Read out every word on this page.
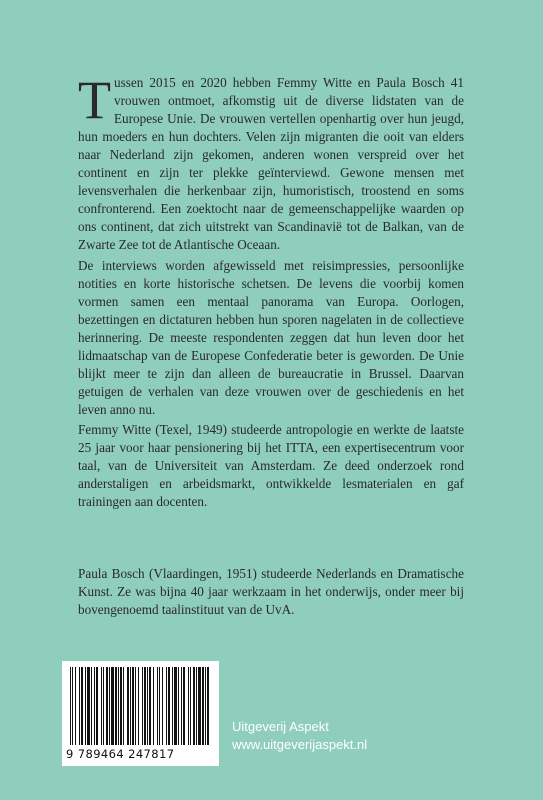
Tussen 2015 en 2020 hebben Femmy Witte en Paula Bosch 41 vrouwen ontmoet, afkomstig uit de diverse lidstaten van de Europese Unie. De vrouwen vertellen openhartig over hun jeugd, hun moeders en hun dochters. Velen zijn migranten die ooit van elders naar Nederland zijn gekomen, anderen wonen verspreid over het continent en zijn ter plekke geïnterviewd. Gewone mensen met levensverhalen die herkenbaar zijn, humoristisch, troostend en soms confronterend. Een zoektocht naar de gemeenschappelijke waarden op ons continent, dat zich uitstrekt van Scandinavië tot de Balkan, van de Zwarte Zee tot de Atlantische Oceaan.

De interviews worden afgewisseld met reisimpressies, persoonlijke notities en korte historische schetsen. De levens die voorbij komen vormen samen een mentaal panorama van Europa. Oorlogen, bezettingen en dictaturen hebben hun sporen nagelaten in de collectieve herinnering. De meeste respondenten zeggen dat hun leven door het lidmaatschap van de Europese Confederatie beter is geworden. De Unie blijkt meer te zijn dan alleen de bureaucratie in Brussel. Daarvan getuigen de verhalen van deze vrouwen over de geschiedenis en het leven anno nu.

Femmy Witte (Texel, 1949) studeerde antropologie en werkte de laatste 25 jaar voor haar pensionering bij het ITTA, een expertisecentrum voor taal, van de Universiteit van Amsterdam. Ze deed onderzoek rond anderstaligen en arbeidsmarkt, ontwikkelde lesmaterialen en gaf trainingen aan docenten.

Paula Bosch (Vlaardingen, 1951) studeerde Nederlands en Dramatische Kunst. Ze was bijna 40 jaar werkzaam in het onderwijs, onder meer bij bovengenoemd taalinstituut van de UvA.

9 789464 247817
Uitgeverij Aspekt
www.uitgeverijaspekt.nl
